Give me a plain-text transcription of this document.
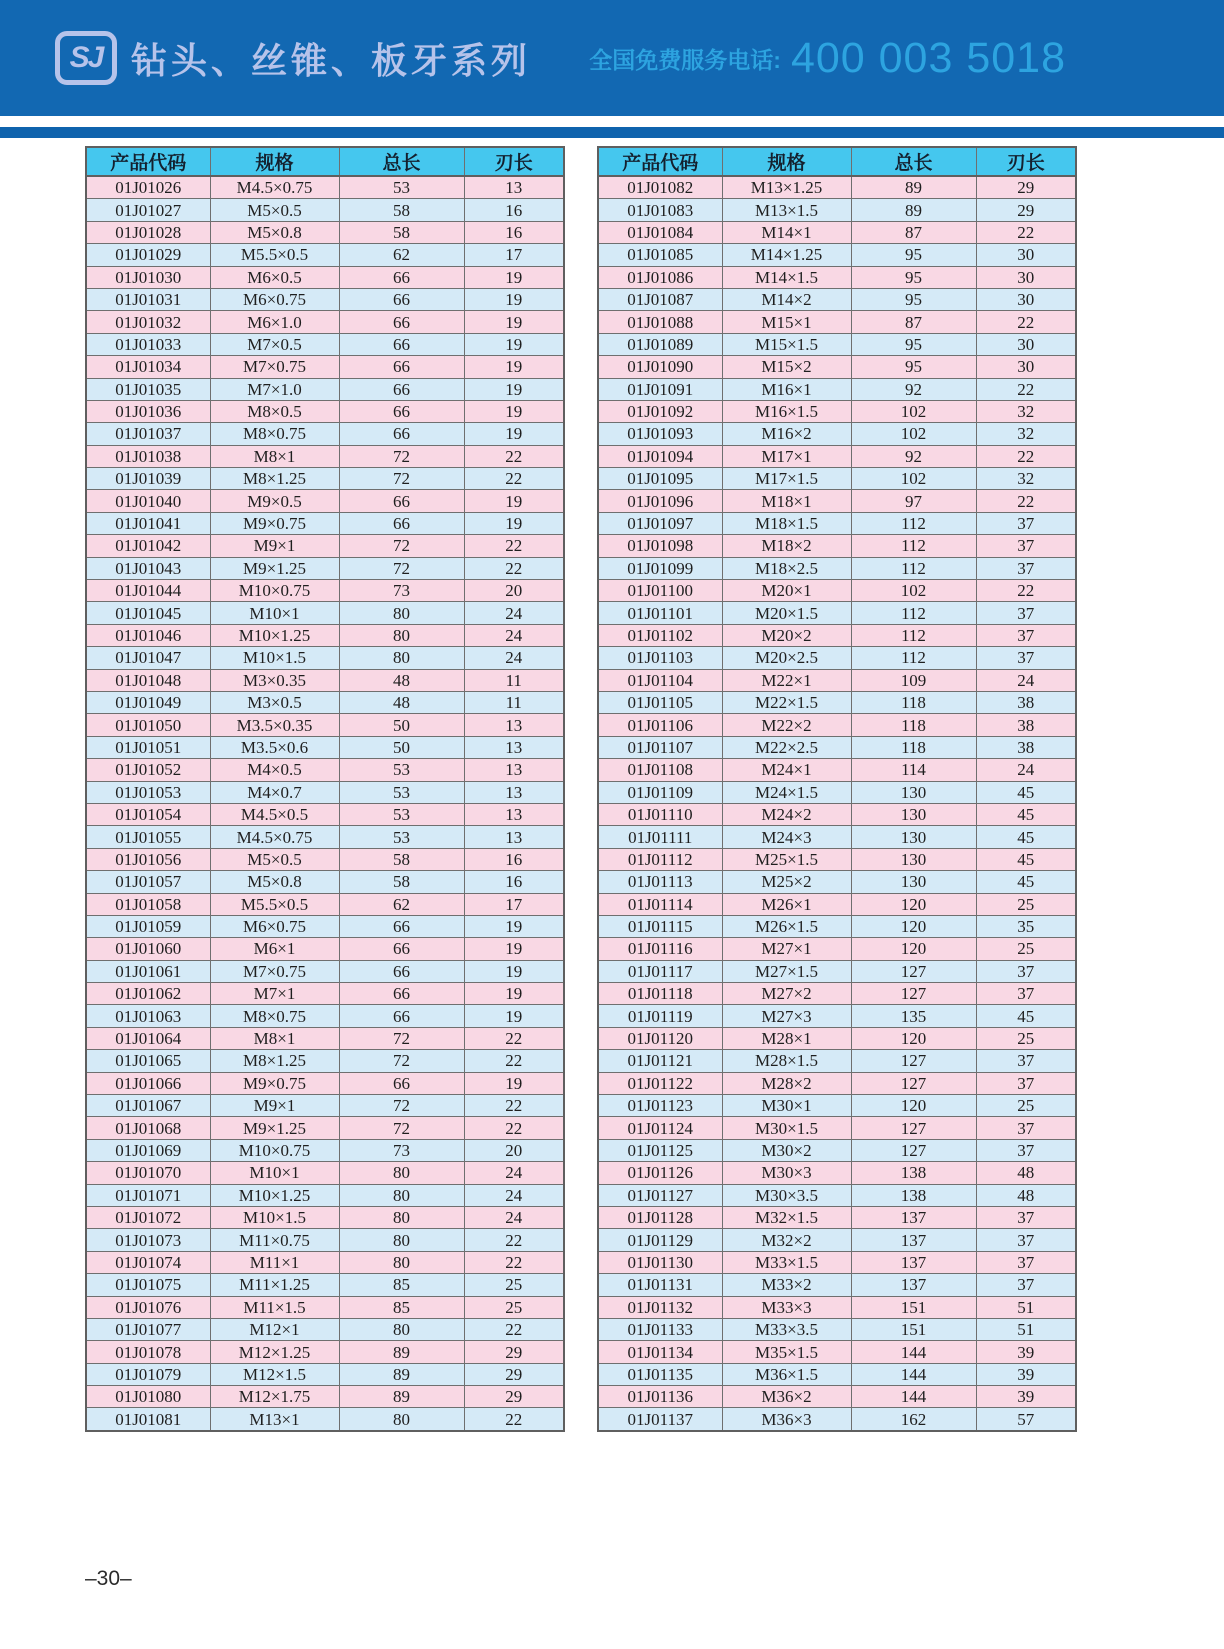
SJ 钻头、丝锥、板牙系列	全国免费服务电话: 400 003 5018
产品代码	规格	总长	刃长
01J01026	M4.5×0.75	53	13
01J01027	M5×0.5	58	16
01J01028	M5×0.8	58	16
01J01029	M5.5×0.5	62	17
01J01030	M6×0.5	66	19
01J01031	M6×0.75	66	19
01J01032	M6×1.0	66	19
01J01033	M7×0.5	66	19
01J01034	M7×0.75	66	19
01J01035	M7×1.0	66	19
01J01036	M8×0.5	66	19
01J01037	M8×0.75	66	19
01J01038	M8×1	72	22
01J01039	M8×1.25	72	22
01J01040	M9×0.5	66	19
01J01041	M9×0.75	66	19
01J01042	M9×1	72	22
01J01043	M9×1.25	72	22
01J01044	M10×0.75	73	20
01J01045	M10×1	80	24
01J01046	M10×1.25	80	24
01J01047	M10×1.5	80	24
01J01048	M3×0.35	48	11
01J01049	M3×0.5	48	11
01J01050	M3.5×0.35	50	13
01J01051	M3.5×0.6	50	13
01J01052	M4×0.5	53	13
01J01053	M4×0.7	53	13
01J01054	M4.5×0.5	53	13
01J01055	M4.5×0.75	53	13
01J01056	M5×0.5	58	16
01J01057	M5×0.8	58	16
01J01058	M5.5×0.5	62	17
01J01059	M6×0.75	66	19
01J01060	M6×1	66	19
01J01061	M7×0.75	66	19
01J01062	M7×1	66	19
01J01063	M8×0.75	66	19
01J01064	M8×1	72	22
01J01065	M8×1.25	72	22
01J01066	M9×0.75	66	19
01J01067	M9×1	72	22
01J01068	M9×1.25	72	22
01J01069	M10×0.75	73	20
01J01070	M10×1	80	24
01J01071	M10×1.25	80	24
01J01072	M10×1.5	80	24
01J01073	M11×0.75	80	22
01J01074	M11×1	80	22
01J01075	M11×1.25	85	25
01J01076	M11×1.5	85	25
01J01077	M12×1	80	22
01J01078	M12×1.25	89	29
01J01079	M12×1.5	89	29
01J01080	M12×1.75	89	29
01J01081	M13×1	80	22
产品代码	规格	总长	刃长
01J01082	M13×1.25	89	29
01J01083	M13×1.5	89	29
01J01084	M14×1	87	22
01J01085	M14×1.25	95	30
01J01086	M14×1.5	95	30
01J01087	M14×2	95	30
01J01088	M15×1	87	22
01J01089	M15×1.5	95	30
01J01090	M15×2	95	30
01J01091	M16×1	92	22
01J01092	M16×1.5	102	32
01J01093	M16×2	102	32
01J01094	M17×1	92	22
01J01095	M17×1.5	102	32
01J01096	M18×1	97	22
01J01097	M18×1.5	112	37
01J01098	M18×2	112	37
01J01099	M18×2.5	112	37
01J01100	M20×1	102	22
01J01101	M20×1.5	112	37
01J01102	M20×2	112	37
01J01103	M20×2.5	112	37
01J01104	M22×1	109	24
01J01105	M22×1.5	118	38
01J01106	M22×2	118	38
01J01107	M22×2.5	118	38
01J01108	M24×1	114	24
01J01109	M24×1.5	130	45
01J01110	M24×2	130	45
01J01111	M24×3	130	45
01J01112	M25×1.5	130	45
01J01113	M25×2	130	45
01J01114	M26×1	120	25
01J01115	M26×1.5	120	35
01J01116	M27×1	120	25
01J01117	M27×1.5	127	37
01J01118	M27×2	127	37
01J01119	M27×3	135	45
01J01120	M28×1	120	25
01J01121	M28×1.5	127	37
01J01122	M28×2	127	37
01J01123	M30×1	120	25
01J01124	M30×1.5	127	37
01J01125	M30×2	127	37
01J01126	M30×3	138	48
01J01127	M30×3.5	138	48
01J01128	M32×1.5	137	37
01J01129	M32×2	137	37
01J01130	M33×1.5	137	37
01J01131	M33×2	137	37
01J01132	M33×3	151	51
01J01133	M33×3.5	151	51
01J01134	M35×1.5	144	39
01J01135	M36×1.5	144	39
01J01136	M36×2	144	39
01J01137	M36×3	162	57
–30–
